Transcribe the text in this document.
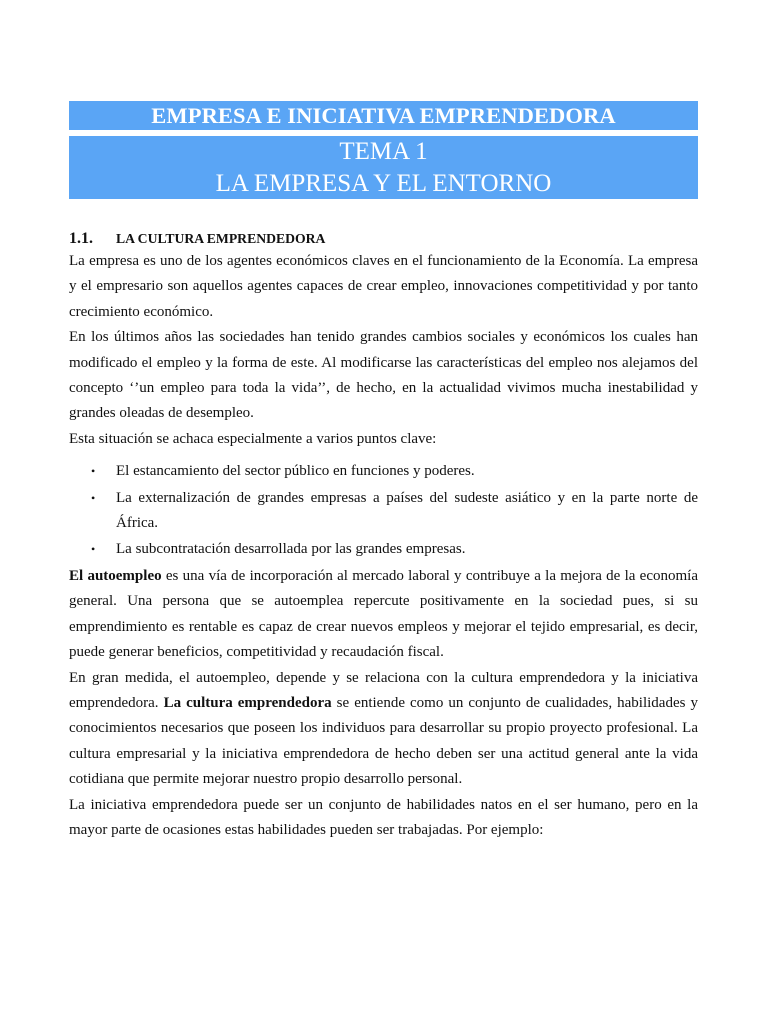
EMPRESA E INICIATIVA EMPRENDEDORA
TEMA 1
LA EMPRESA Y EL ENTORNO
1.1.	LA CULTURA EMPRENDEDORA

La empresa es uno de los agentes económicos claves en el funcionamiento de la Economía. La empresa y el empresario son aquellos agentes capaces de crear empleo, innovaciones competitividad y por tanto crecimiento económico.

En los últimos años las sociedades han tenido grandes cambios sociales y económicos los cuales han modificado el empleo y la forma de este. Al modificarse las características del empleo nos alejamos del concepto ‘’un empleo para toda la vida’’, de hecho, en la actualidad vivimos mucha inestabilidad y grandes oleadas de desempleo.

Esta situación se achaca especialmente a varios puntos clave:

• El estancamiento del sector público en funciones y poderes.
• La externalización de grandes empresas a países del sudeste asiático y en la parte norte de África.
• La subcontratación desarrollada por las grandes empresas.

El autoempleo es una vía de incorporación al mercado laboral y contribuye a la mejora de la economía general. Una persona que se autoemplea repercute positivamente en la sociedad pues, si su emprendimiento es rentable es capaz de crear nuevos empleos y mejorar el tejido empresarial, es decir, puede generar beneficios, competitividad y recaudación fiscal.

En gran medida, el autoempleo, depende y se relaciona con la cultura emprendedora y la iniciativa emprendedora. La cultura emprendedora se entiende como un conjunto de cualidades, habilidades y conocimientos necesarios que poseen los individuos para desarrollar su propio proyecto profesional. La cultura empresarial y la iniciativa emprendedora de hecho deben ser una actitud general ante la vida cotidiana que permite mejorar nuestro propio desarrollo personal.

La iniciativa emprendedora puede ser un conjunto de habilidades natos en el ser humano, pero en la mayor parte de ocasiones estas habilidades pueden ser trabajadas. Por ejemplo:
